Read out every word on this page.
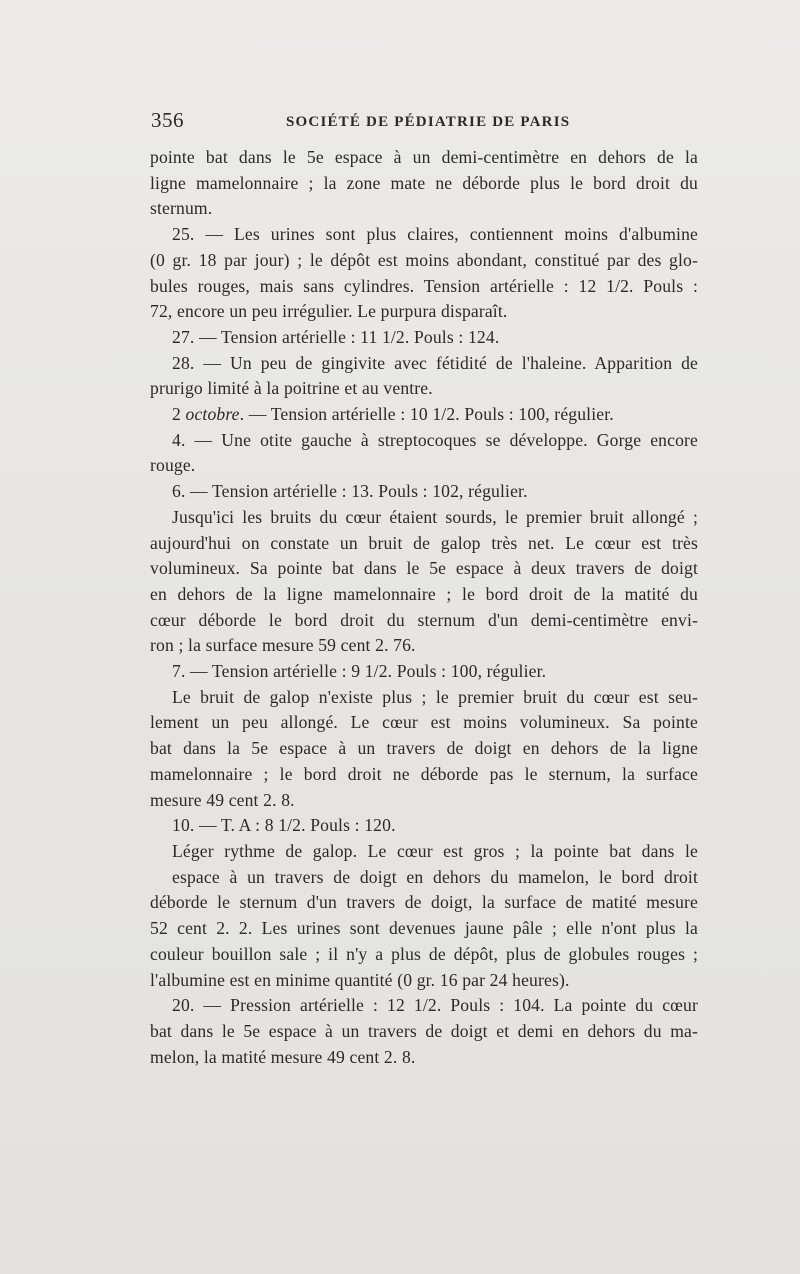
356	SOCIÉTÉ DE PÉDIATRIE DE PARIS
pointe bat dans le 5e espace à un demi-centimètre en dehors de la
ligne mamelonnaire ; la zone mate ne déborde plus le bord droit du
sternum.
25. — Les urines sont plus claires, contiennent moins d'albumine
(0 gr. 18 par jour) ; le dépôt est moins abondant, constitué par des glo-
bules rouges, mais sans cylindres. Tension artérielle : 12 1/2. Pouls :
72, encore un peu irrégulier. Le purpura disparaît.
27. — Tension artérielle : 11 1/2. Pouls : 124.
28. — Un peu de gingivite avec fétidité de l'haleine. Apparition de
prurigo limité à la poitrine et au ventre.
2 octobre. — Tension artérielle : 10 1/2. Pouls : 100, régulier.
4. — Une otite gauche à streptocoques se développe. Gorge encore
rouge.
6. — Tension artérielle : 13. Pouls : 102, régulier.
Jusqu'ici les bruits du cœur étaient sourds, le premier bruit allongé ;
aujourd'hui on constate un bruit de galop très net. Le cœur est très
volumineux. Sa pointe bat dans le 5e espace à deux travers de doigt
en dehors de la ligne mamelonnaire ; le bord droit de la matité du
cœur déborde le bord droit du sternum d'un demi-centimètre envi-
ron ; la surface mesure 59 cent 2. 76.
7. — Tension artérielle : 9 1/2. Pouls : 100, régulier.
Le bruit de galop n'existe plus ; le premier bruit du cœur est seu-
lement un peu allongé. Le cœur est moins volumineux. Sa pointe
bat dans la 5e espace à un travers de doigt en dehors de la ligne
mamelonnaire ; le bord droit ne déborde pas le sternum, la surface
mesure 49 cent 2. 8.
10. — T. A : 8 1/2. Pouls : 120.
Léger rythme de galop. Le cœur est gros ; la pointe bat dans le
espace à un travers de doigt en dehors du mamelon, le bord droit
déborde le sternum d'un travers de doigt, la surface de matité mesure
52 cent 2. 2. Les urines sont devenues jaune pâle ; elle n'ont plus la
couleur bouillon sale ; il n'y a plus de dépôt, plus de globules rouges ;
l'albumine est en minime quantité (0 gr. 16 par 24 heures).
20. — Pression artérielle : 12 1/2. Pouls : 104. La pointe du cœur
bat dans le 5e espace à un travers de doigt et demi en dehors du ma-
melon, la matité mesure 49 cent 2. 8.
